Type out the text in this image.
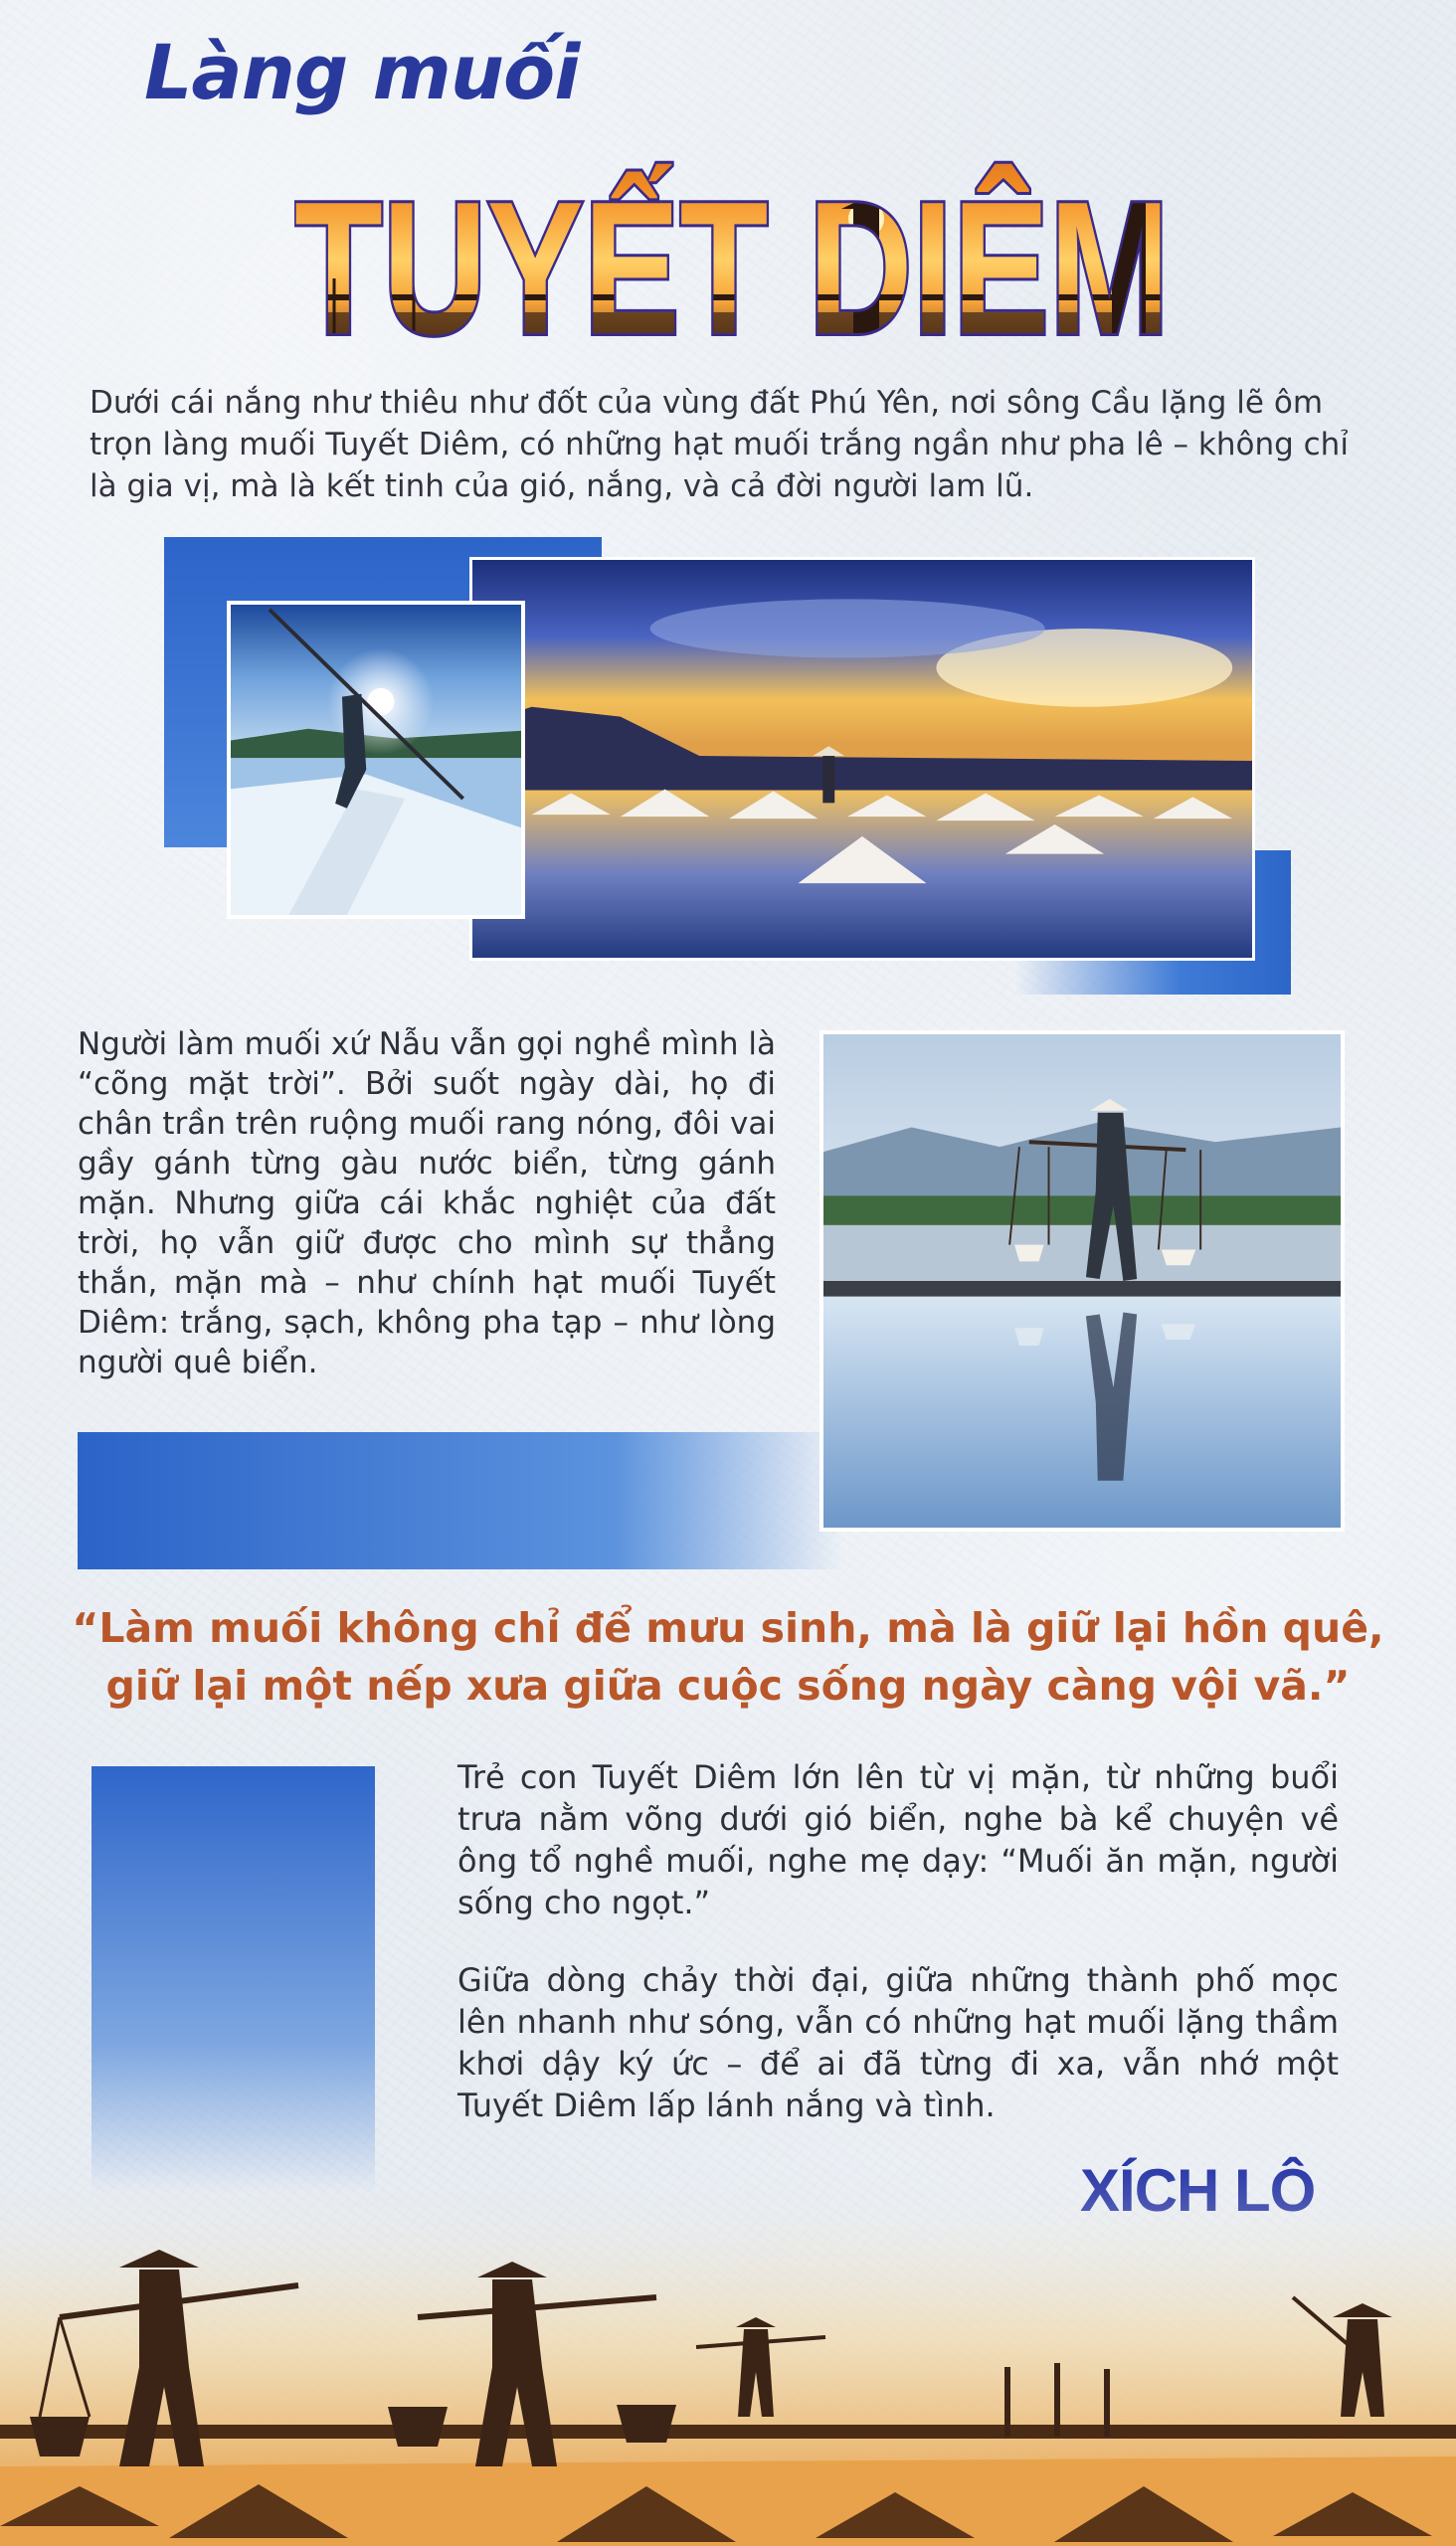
Làng muối

Dưới cái nắng như thiêu như đốt của vùng đất Phú Yên, nơi sông Cầu lặng lẽ ôm trọn làng muối Tuyết Diêm, có những hạt muối trắng ngần như pha lê – không chỉ là gia vị, mà là kết tinh của gió, nắng, và cả đời người lam lũ.

Người làm muối xứ Nẫu vẫn gọi nghề mình là “cõng mặt trời”. Bởi suốt ngày dài, họ đi chân trần trên ruộng muối rang nóng, đôi vai gầy gánh từng gàu nước biển, từng gánh mặn. Nhưng giữa cái khắc nghiệt của đất trời, họ vẫn giữ được cho mình sự thẳng thắn, mặn mà – như chính hạt muối Tuyết Diêm: trắng, sạch, không pha tạp – như lòng người quê biển.

“Làm muối không chỉ để mưu sinh, mà là giữ lại hồn quê,
giữ lại một nếp xưa giữa cuộc sống ngày càng vội vã.”

Trẻ con Tuyết Diêm lớn lên từ vị mặn, từ những buổi trưa nằm võng dưới gió biển, nghe bà kể chuyện về ông tổ nghề muối, nghe mẹ dạy: “Muối ăn mặn, người sống cho ngọt.”

Giữa dòng chảy thời đại, giữa những thành phố mọc lên nhanh như sóng, vẫn có những hạt muối lặng thầm khơi dậy ký ức – để ai đã từng đi xa, vẫn nhớ một Tuyết Diêm lấp lánh nắng và tình.
